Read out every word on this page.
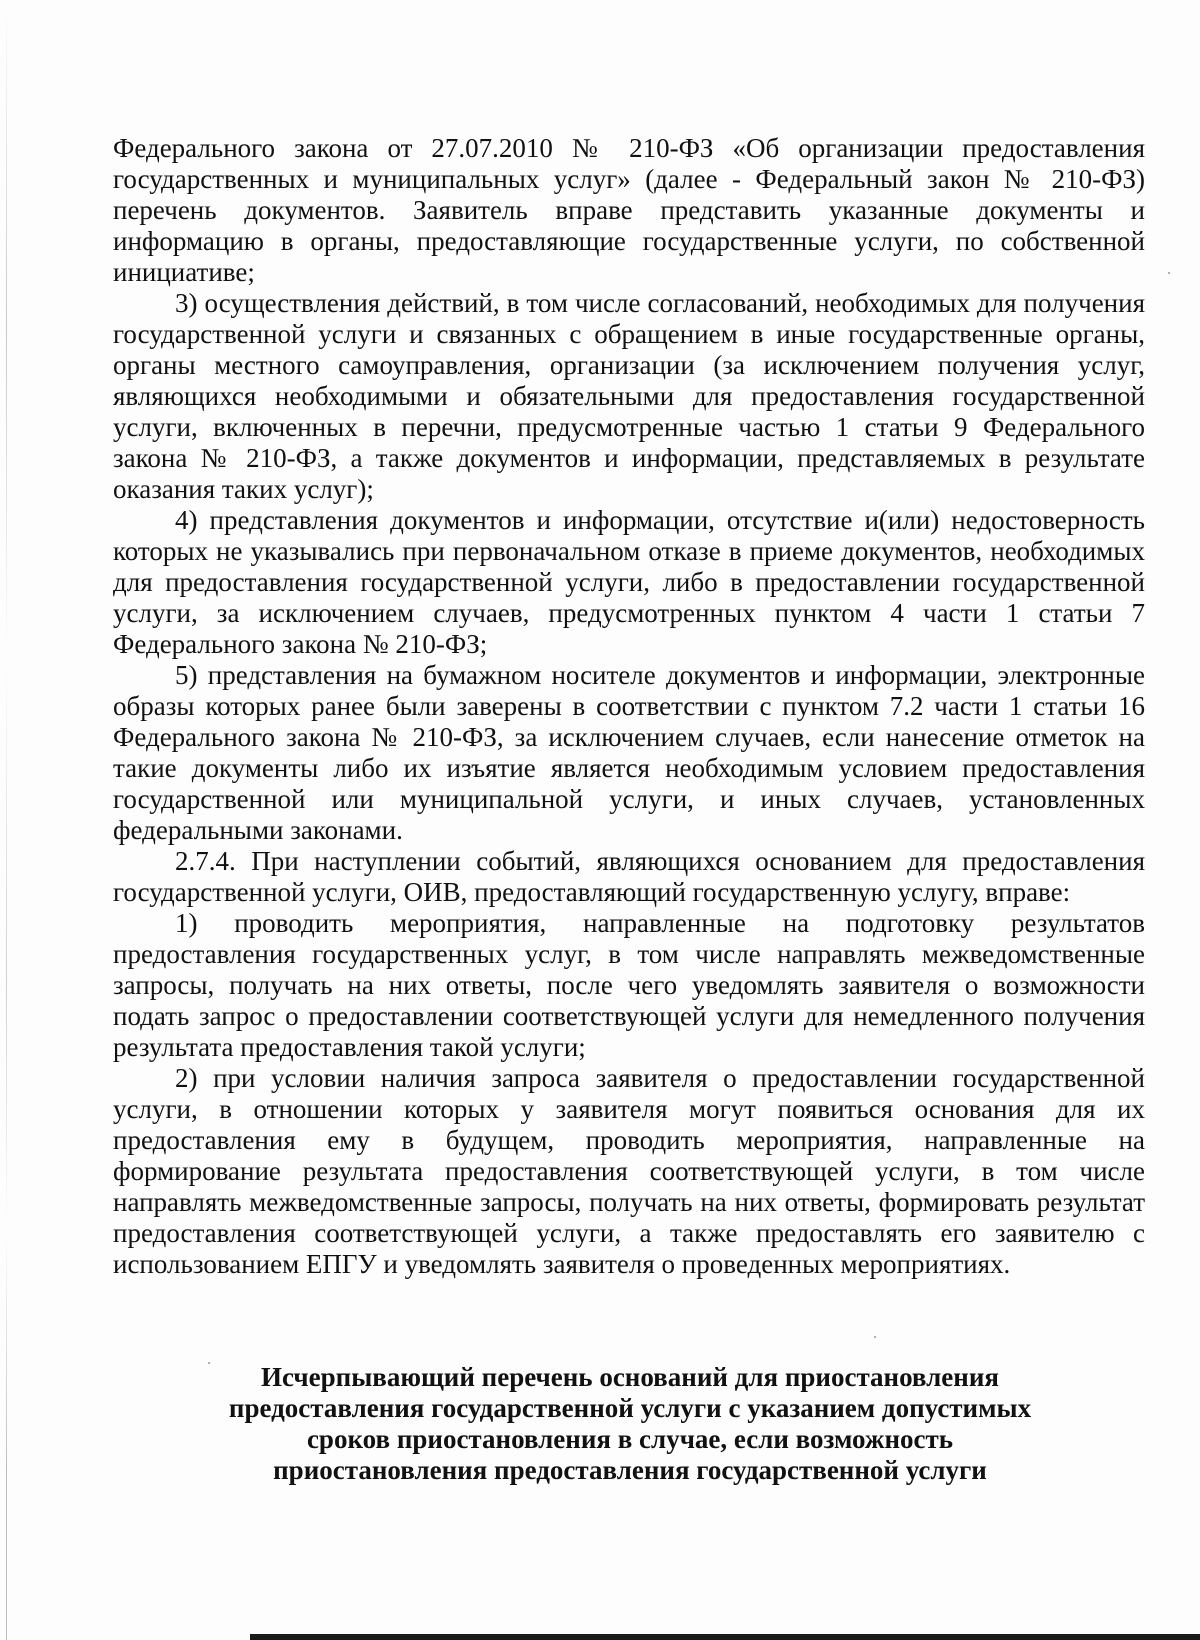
Федерального закона от 27.07.2010 № 210-ФЗ «Об организации предоставления государственных и муниципальных услуг» (далее - Федеральный закон № 210-ФЗ) перечень документов. Заявитель вправе представить указанные документы и информацию в органы, предоставляющие государственные услуги, по собственной инициативе;

3) осуществления действий, в том числе согласований, необходимых для получения государственной услуги и связанных с обращением в иные государственные органы, органы местного самоуправления, организации (за исключением получения услуг, являющихся необходимыми и обязательными для предоставления государственной услуги, включенных в перечни, предусмотренные частью 1 статьи 9 Федерального закона № 210-ФЗ, а также документов и информации, представляемых в результате оказания таких услуг);

4) представления документов и информации, отсутствие и(или) недостоверность которых не указывались при первоначальном отказе в приеме документов, необходимых для предоставления государственной услуги, либо в предоставлении государственной услуги, за исключением случаев, предусмотренных пунктом 4 части 1 статьи 7 Федерального закона № 210-ФЗ;

5) представления на бумажном носителе документов и информации, электронные образы которых ранее были заверены в соответствии с пунктом 7.2 части 1 статьи 16 Федерального закона № 210-ФЗ, за исключением случаев, если нанесение отметок на такие документы либо их изъятие является необходимым условием предоставления государственной или муниципальной услуги, и иных случаев, установленных федеральными законами.

2.7.4. При наступлении событий, являющихся основанием для предоставления государственной услуги, ОИВ, предоставляющий государственную услугу, вправе:

1) проводить мероприятия, направленные на подготовку результатов предоставления государственных услуг, в том числе направлять межведомственные запросы, получать на них ответы, после чего уведомлять заявителя о возможности подать запрос о предоставлении соответствующей услуги для немедленного получения результата предоставления такой услуги;

2) при условии наличия запроса заявителя о предоставлении государственной услуги, в отношении которых у заявителя могут появиться основания для их предоставления ему в будущем, проводить мероприятия, направленные на формирование результата предоставления соответствующей услуги, в том числе направлять межведомственные запросы, получать на них ответы, формировать результат предоставления соответствующей услуги, а также предоставлять его заявителю с использованием ЕПГУ и уведомлять заявителя о проведенных мероприятиях.

Исчерпывающий перечень оснований для приостановления
предоставления государственной услуги с указанием допустимых
сроков приостановления в случае, если возможность
приостановления предоставления государственной услуги
